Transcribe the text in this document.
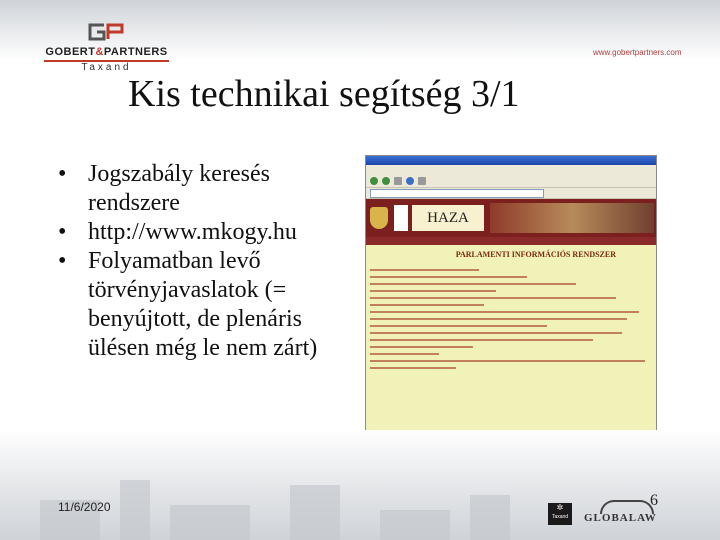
GOBERT&PARTNERS
Taxand
www.gobertpartners.com
Kis technikai segítség 3/1
• Jogszabály keresés rendszere
• http://www.mkogy.hu
• Folyamatban levő törvényjavaslatok (= benyújtott, de plenáris ülésen még le nem zárt)
HAZA
PARLAMENTI INFORMÁCIÓS RENDSZER
11/6/2020	6
✲ Taxand	GLOBALAW
